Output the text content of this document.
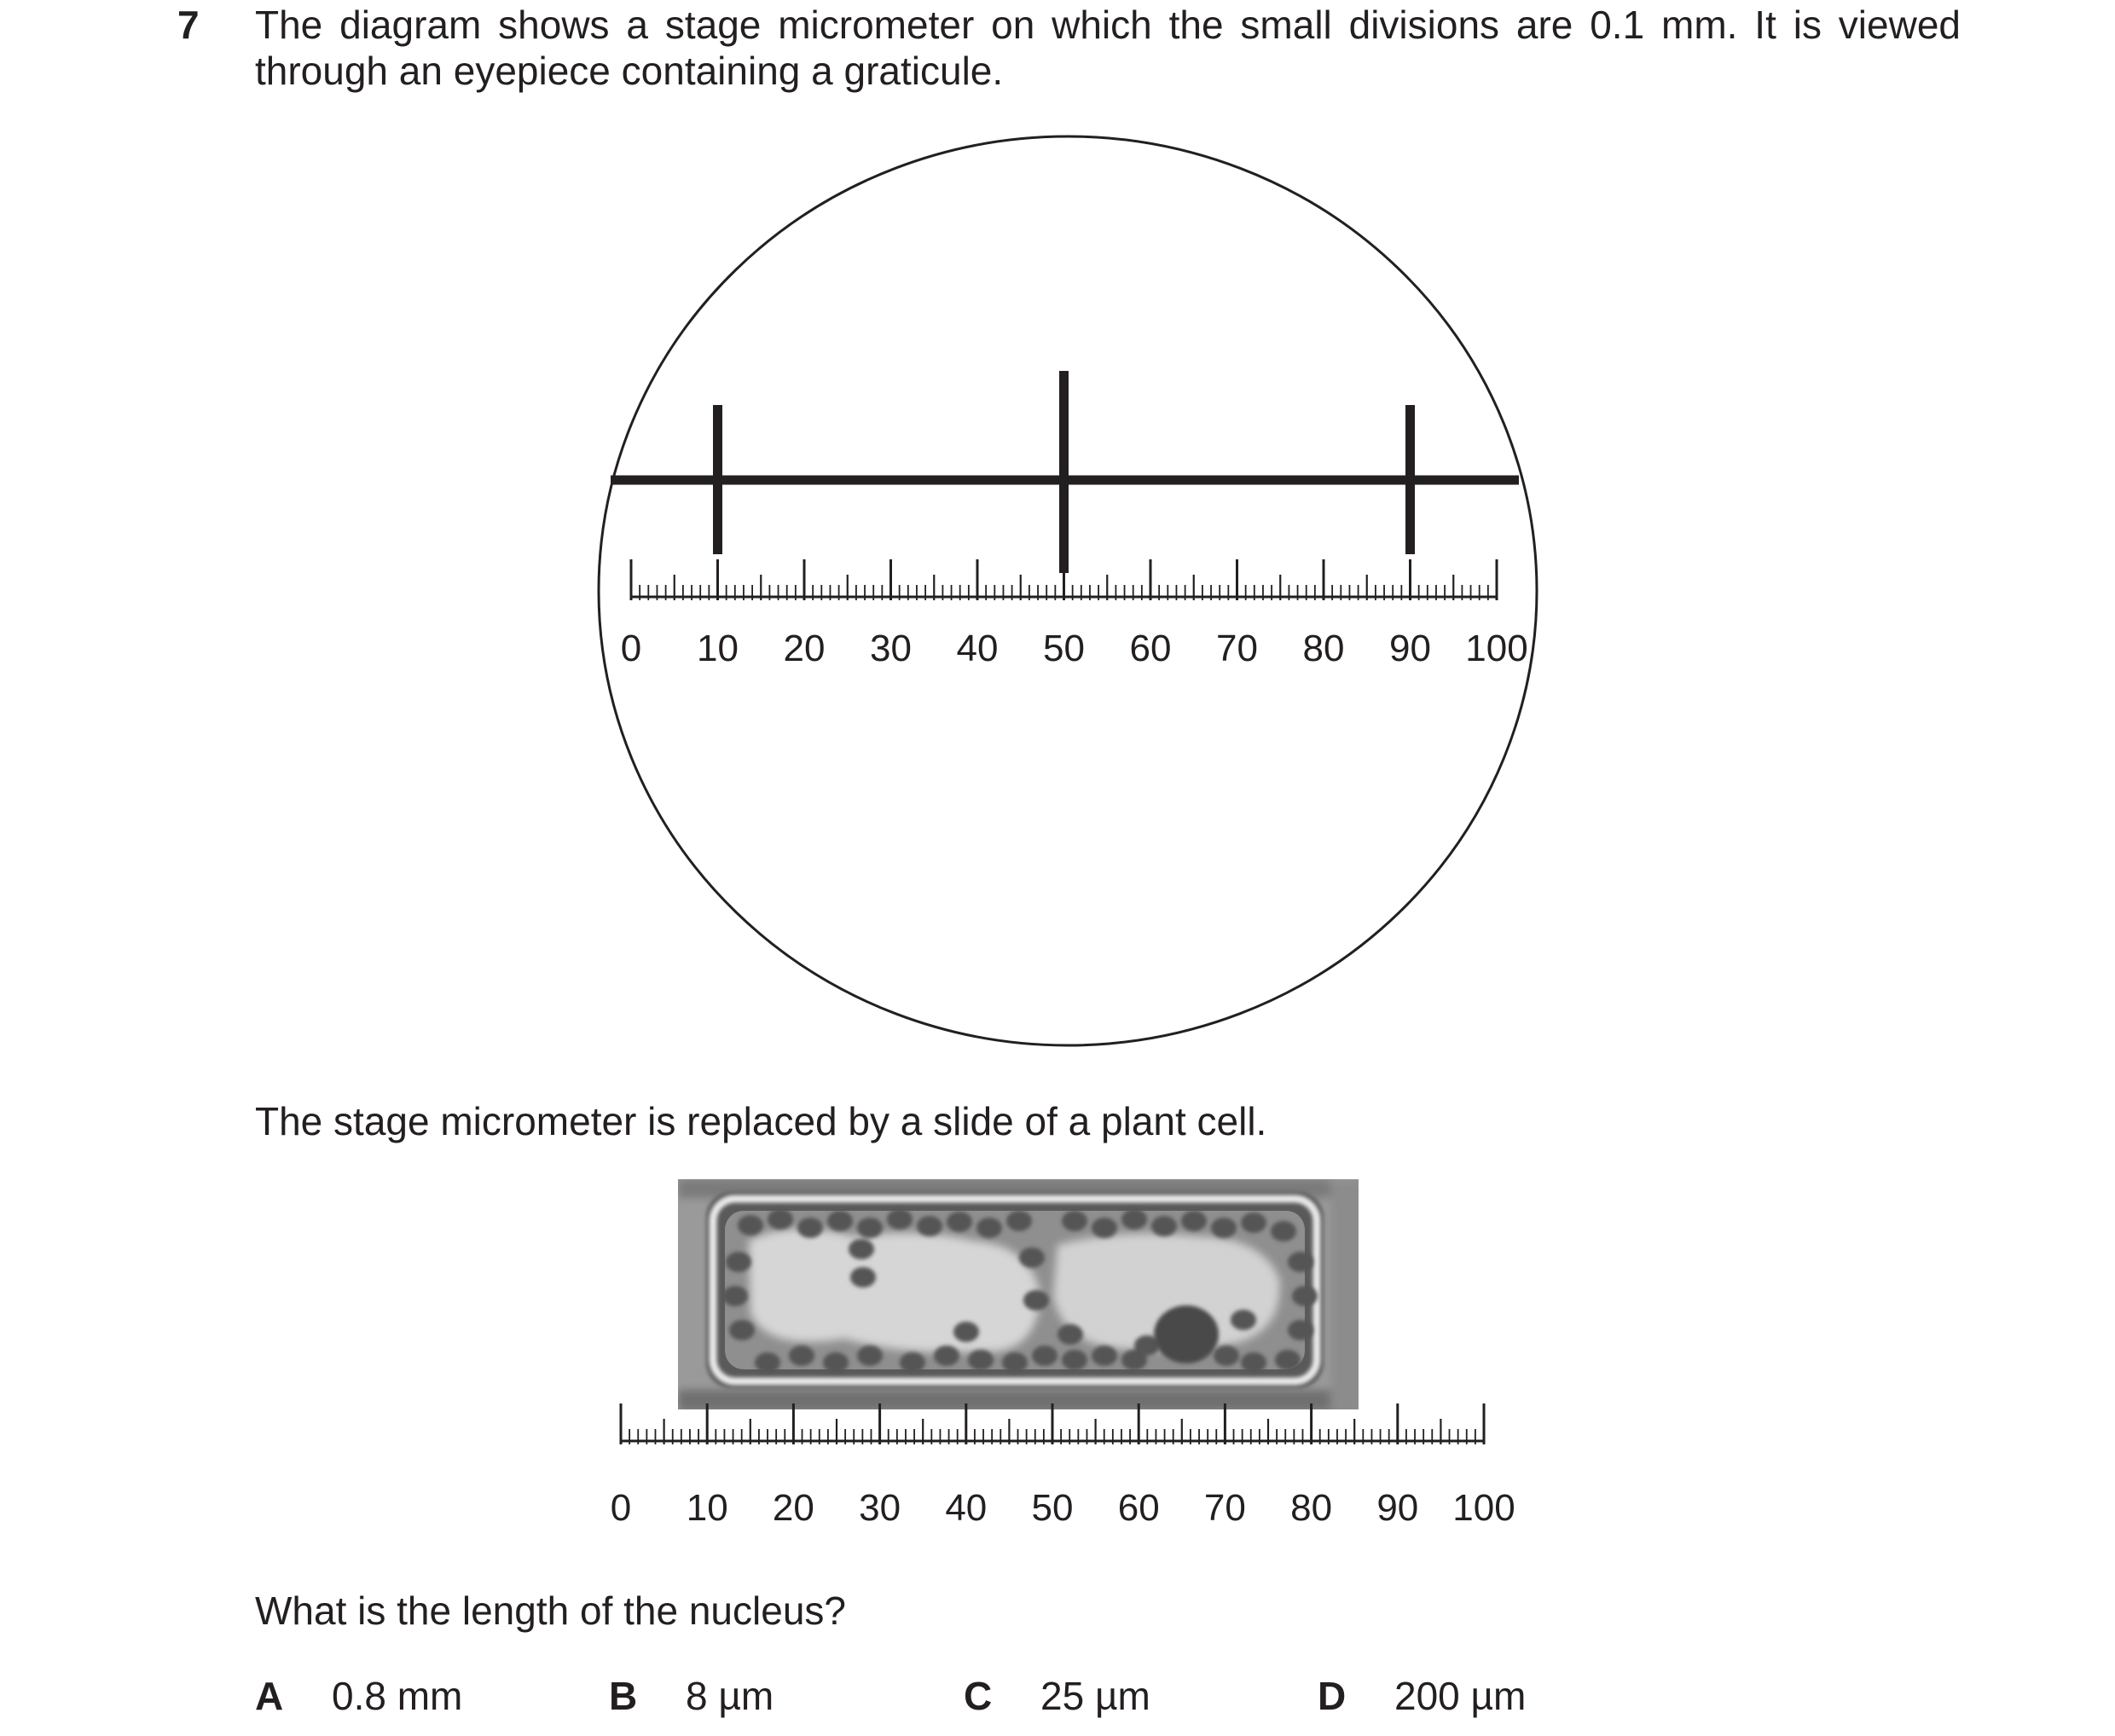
7 The diagram shows a stage micrometer on which the small divisions are 0.1 mm. It is viewed through an eyepiece containing a graticule.
0 10 20 30 40 50 60 70 80 90 100
0 10 20 30 40 50 60 70 80 90 100
The stage micrometer is replaced by a slide of a plant cell.
What is the length of the nucleus?
A 0.8 mm	B 8 µm	C 25 µm	D 200 µm
